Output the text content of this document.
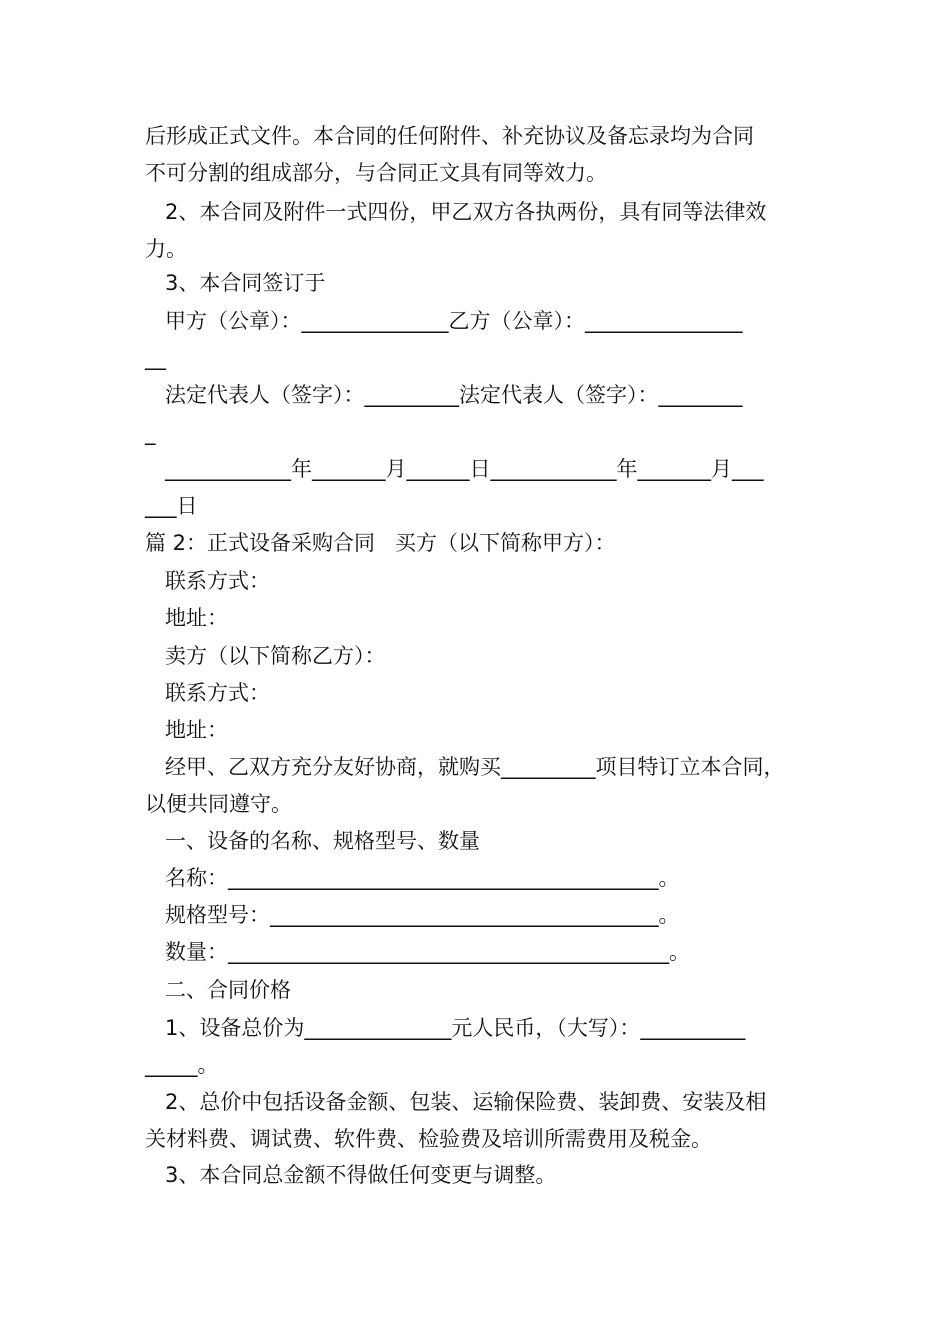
后形成正式文件。本合同的任何附件、补充协议及备忘录均为合同
不可分割的组成部分，与合同正文具有同等效力。
2、本合同及附件一式四份，甲乙双方各执两份，具有同等法律效
力。
3、本合同签订于
甲方（公章）：______________乙方（公章）：_______________
__
法定代表人（签字）：_________法定代表人（签字）：________
_
____________年_______月______日____________年_______月___
___日
篇 2：正式设备采购合同   买方（以下简称甲方）：
联系方式：
地址：
卖方（以下简称乙方）：
联系方式：
地址：
经甲、乙双方充分友好协商，就购买_________项目特订立本合同，
以便共同遵守。
一、设备的名称、规格型号、数量
名称：_________________________________________。
规格型号：_____________________________________。
数量：__________________________________________。
二、合同价格
1、设备总价为______________元人民币，（大写）：__________
_____。
2、总价中包括设备金额、包装、运输保险费、装卸费、安装及相
关材料费、调试费、软件费、检验费及培训所需费用及税金。
3、本合同总金额不得做任何变更与调整。
